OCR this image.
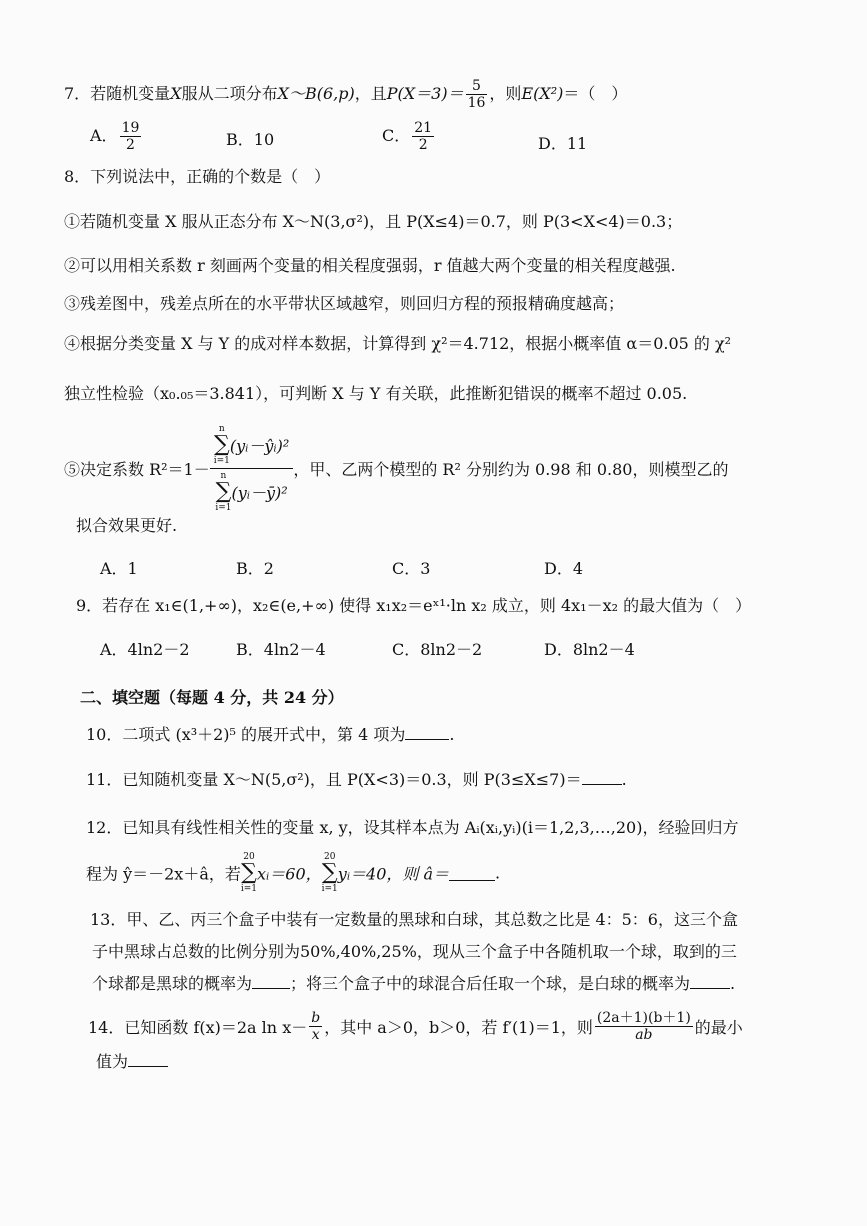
7．若随机变量X服从二项分布X～B(6,p)，且$P(X=3)= \frac{5}{16}$ ，则E(X²)＝（　）
A． $\frac{19}{2}$	B．10	C． $\frac{21}{2}$	D．11
8．下列说法中，正确的个数是（　）
①若随机变量 X 服从正态分布 X～N(3,σ²)，且 P(X≤4)＝0.7，则 P(3<X<4)＝0.3；
②可以用相关系数 r 刻画两个变量的相关程度强弱，r 值越大两个变量的相关程度越强.
③残差图中，残差点所在的水平带状区域越窄，则回归方程的预报精确度越高；
④根据分类变量 X 与 Y 的成对样本数据，计算得到 χ²＝4.712，根据小概率值 α＝0.05 的 χ²
独立性检验（x₀.₀₅＝3.841），可判断 X 与 Y 有关联，此推断犯错误的概率不超过 0.05.
⑤决定系数 R²＝1－ n
∑
i=1
(yᵢ－ŷᵢ)²
n
∑
i=1
(yᵢ－ȳ)² ，甲、乙两个模型的 R² 分别约为 0.98 和 0.80，则模型乙的
拟合效果更好.
A．1	B．2	C．3	D．4
9．若存在 x₁∈(1,+∞)，x₂∈(e,+∞) 使得 x₁x₂＝eˣ¹·ln x₂ 成立，则 4x₁－x₂ 的最大值为（　）
A．4ln2－2	B．4ln2－4	C．8ln2－2	D．8ln2－4
二、填空题（每题 4 分，共 24 分）
10．二项式 (x³＋2)⁵ 的展开式中，第 4 项为	.
11．已知随机变量 X～N(5,σ²)，且 P(X<3)＝0.3，则 P(3≤X≤7)＝	.
12．已知具有线性相关性的变量 x, y，设其样本点为 Aᵢ(xᵢ,yᵢ)(i＝1,2,3,…,20)，经验回归方
程为 ŷ＝－2x＋â，若
20
∑
i=1
xᵢ＝60，
20
∑
i=1
yᵢ＝40，则 â＝	.
13．甲、乙、丙三个盒子中装有一定数量的黑球和白球，其总数之比是 4：5：6，这三个盒
子中黑球占总数的比例分别为50%,40%,25%，现从三个盒子中各随机取一个球，取到的三
个球都是黑球的概率为 ；将三个盒子中的球混合后任取一个球，是白球的概率为	.
14．已知函数 f(x)＝2a $\ln x- \frac{b}{x}$ ，其中 a＞0，b＞0，若 f′(1)＝1，则 $\frac{(2a+1)(b+1)}{ab}$ 的最小
值为
